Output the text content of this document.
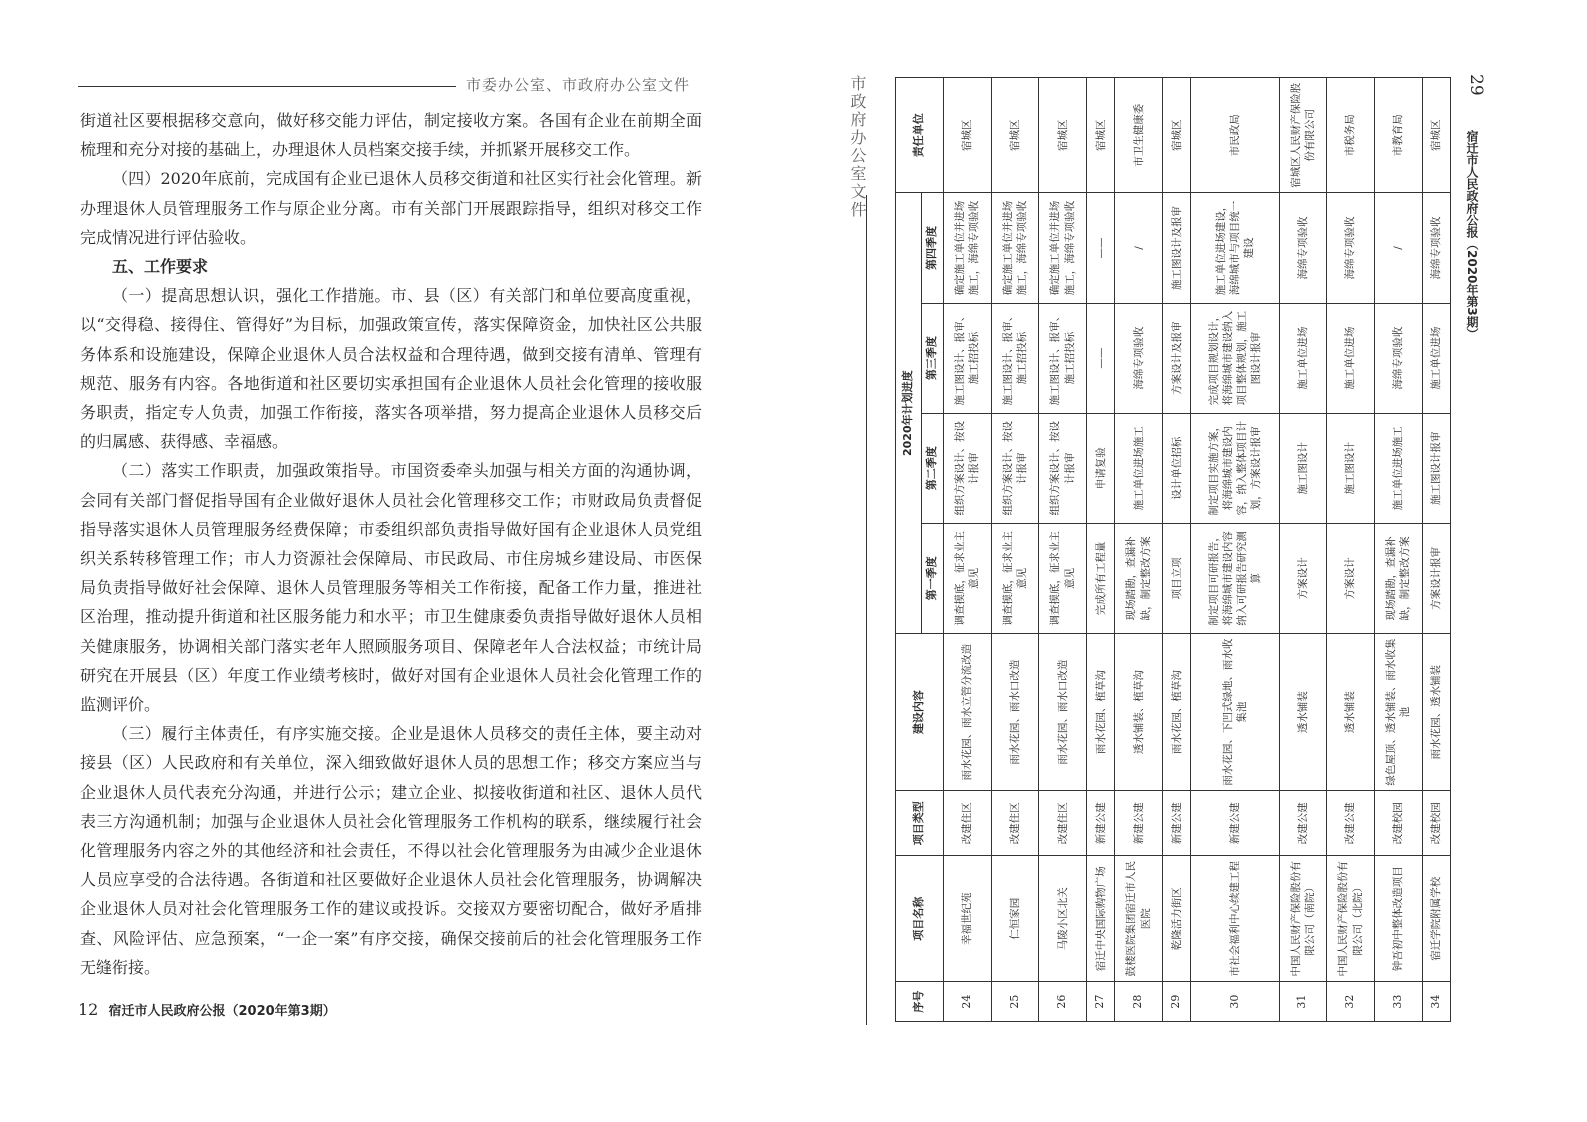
市委办公室、市政府办公室文件

街道社区要根据移交意向，做好移交能力评估，制定接收方案。各国有企业在前期全面梳理和充分对接的基础上，办理退休人员档案交接手续，并抓紧开展移交工作。

（四）2020年底前，完成国有企业已退休人员移交街道和社区实行社会化管理。新办理退休人员管理服务工作与原企业分离。市有关部门开展跟踪指导，组织对移交工作完成情况进行评估验收。

五、工作要求

（一）提高思想认识，强化工作措施。市、县（区）有关部门和单位要高度重视，以“交得稳、接得住、管得好”为目标，加强政策宣传，落实保障资金，加快社区公共服务体系和设施建设，保障企业退休人员合法权益和合理待遇，做到交接有清单、管理有规范、服务有内容。各地街道和社区要切实承担国有企业退休人员社会化管理的接收服务职责，指定专人负责，加强工作衔接，落实各项举措，努力提高企业退休人员移交后的归属感、获得感、幸福感。

（二）落实工作职责，加强政策指导。市国资委牵头加强与相关方面的沟通协调，会同有关部门督促指导国有企业做好退休人员社会化管理移交工作；市财政局负责督促指导落实退休人员管理服务经费保障；市委组织部负责指导做好国有企业退休人员党组织关系转移管理工作；市人力资源社会保障局、市民政局、市住房城乡建设局、市医保局负责指导做好社会保障、退休人员管理服务等相关工作衔接，配备工作力量，推进社区治理，推动提升街道和社区服务能力和水平；市卫生健康委负责指导做好退休人员相关健康服务，协调相关部门落实老年人照顾服务项目、保障老年人合法权益；市统计局研究在开展县（区）年度工作业绩考核时，做好对国有企业退休人员社会化管理工作的监测评价。

（三）履行主体责任，有序实施交接。企业是退休人员移交的责任主体，要主动对接县（区）人民政府和有关单位，深入细致做好退休人员的思想工作；移交方案应当与企业退休人员代表充分沟通，并进行公示；建立企业、拟接收街道和社区、退休人员代表三方沟通机制；加强与企业退休人员社会化管理服务工作机构的联系，继续履行社会化管理服务内容之外的其他经济和社会责任，不得以社会化管理服务为由减少企业退休人员应享受的合法待遇。各街道和社区要做好企业退休人员社会化管理服务，协调解决企业退休人员对社会化管理服务工作的建议或投诉。交接双方要密切配合，做好矛盾排查、风险评估、应急预案，“一企一案”有序交接，确保交接前后的社会化管理服务工作无缝衔接。

12 宿迁市人民政府公报（2020年第3期）
市政府办公室文件	29
宿迁市人民政府公报（2020年第3期）
序号	项目名称	项目类型	建设内容	2020年计划进度				责任单位
				第一季度	第二季度	第三季度	第四季度	
24	幸福世纪苑	改建住区	雨水花园、雨水立管分流改造	调查摸底，征求业主意见	组织方案设计、按设计报审	施工图设计、报审、施工招投标	确定施工单位并进场施工，海绵专项验收	宿城区
25	仁恒家园	改建住区	雨水花园、雨水口改造	调查摸底，征求业主意见	组织方案设计、按设计报审	施工图设计、报审、施工招投标	确定施工单位并进场施工，海绵专项验收	宿城区
26	马陵小区北关	改建住区	雨水花园、雨水口改造	调查摸底，征求业主意见	组织方案设计、按设计报审	施工图设计、报审、施工招投标	确定施工单位并进场施工，海绵专项验收	宿城区
27	宿迁中央国际购物广场	新建公建	雨水花园、植草沟	完成所有工程量	申请复验	——	——	宿城区
28	鼓楼医院集团宿迁市人民医院	新建公建	透水铺装、植草沟	现场踏勘，查漏补缺，制定整改方案	施工单位进场施工	海绵专项验收	/	市卫生健康委
29	乾隆活力街区	新建公建	雨水花园、植草沟	项目立项	设计单位招标	方案设计及报审	施工图设计及报审	宿城区
30	市社会福利中心续建工程	新建公建	雨水花园、下凹式绿地、雨水收集池	制定项目可研报告，将海绵城市建设内容纳入可研报告研究测算	制定项目实施方案，将海绵城市建设内容，纳入整体项目计划，方案设计报审	完成项目规划设计，将海绵城市建设纳入项目整体规划，施工图设计报审	施工单位进场建设，海绵城市与项目统一建设	市民政局
31	中国人民财产保险股份有限公司（南院）	改建公建	透水铺装	方案设计	施工图设计	施工单位进场	海绵专项验收	宿城区人民财产保险股份有限公司
32	中国人民财产保险股份有限公司（北院）	改建公建	透水铺装	方案设计	施工图设计	施工单位进场	海绵专项验收	市税务局
33	钟吾初中整体改造项目	改建校园	绿色屋顶、透水铺装、雨水收集池	现场踏勘，查漏补缺，制定整改方案	施工单位进场施工	海绵专项验收	/	市教育局
34	宿迁学院附属学校	改建校园	雨水花园、透水铺装	方案设计报审	施工图设计报审	施工单位进场	海绵专项验收	宿城区
